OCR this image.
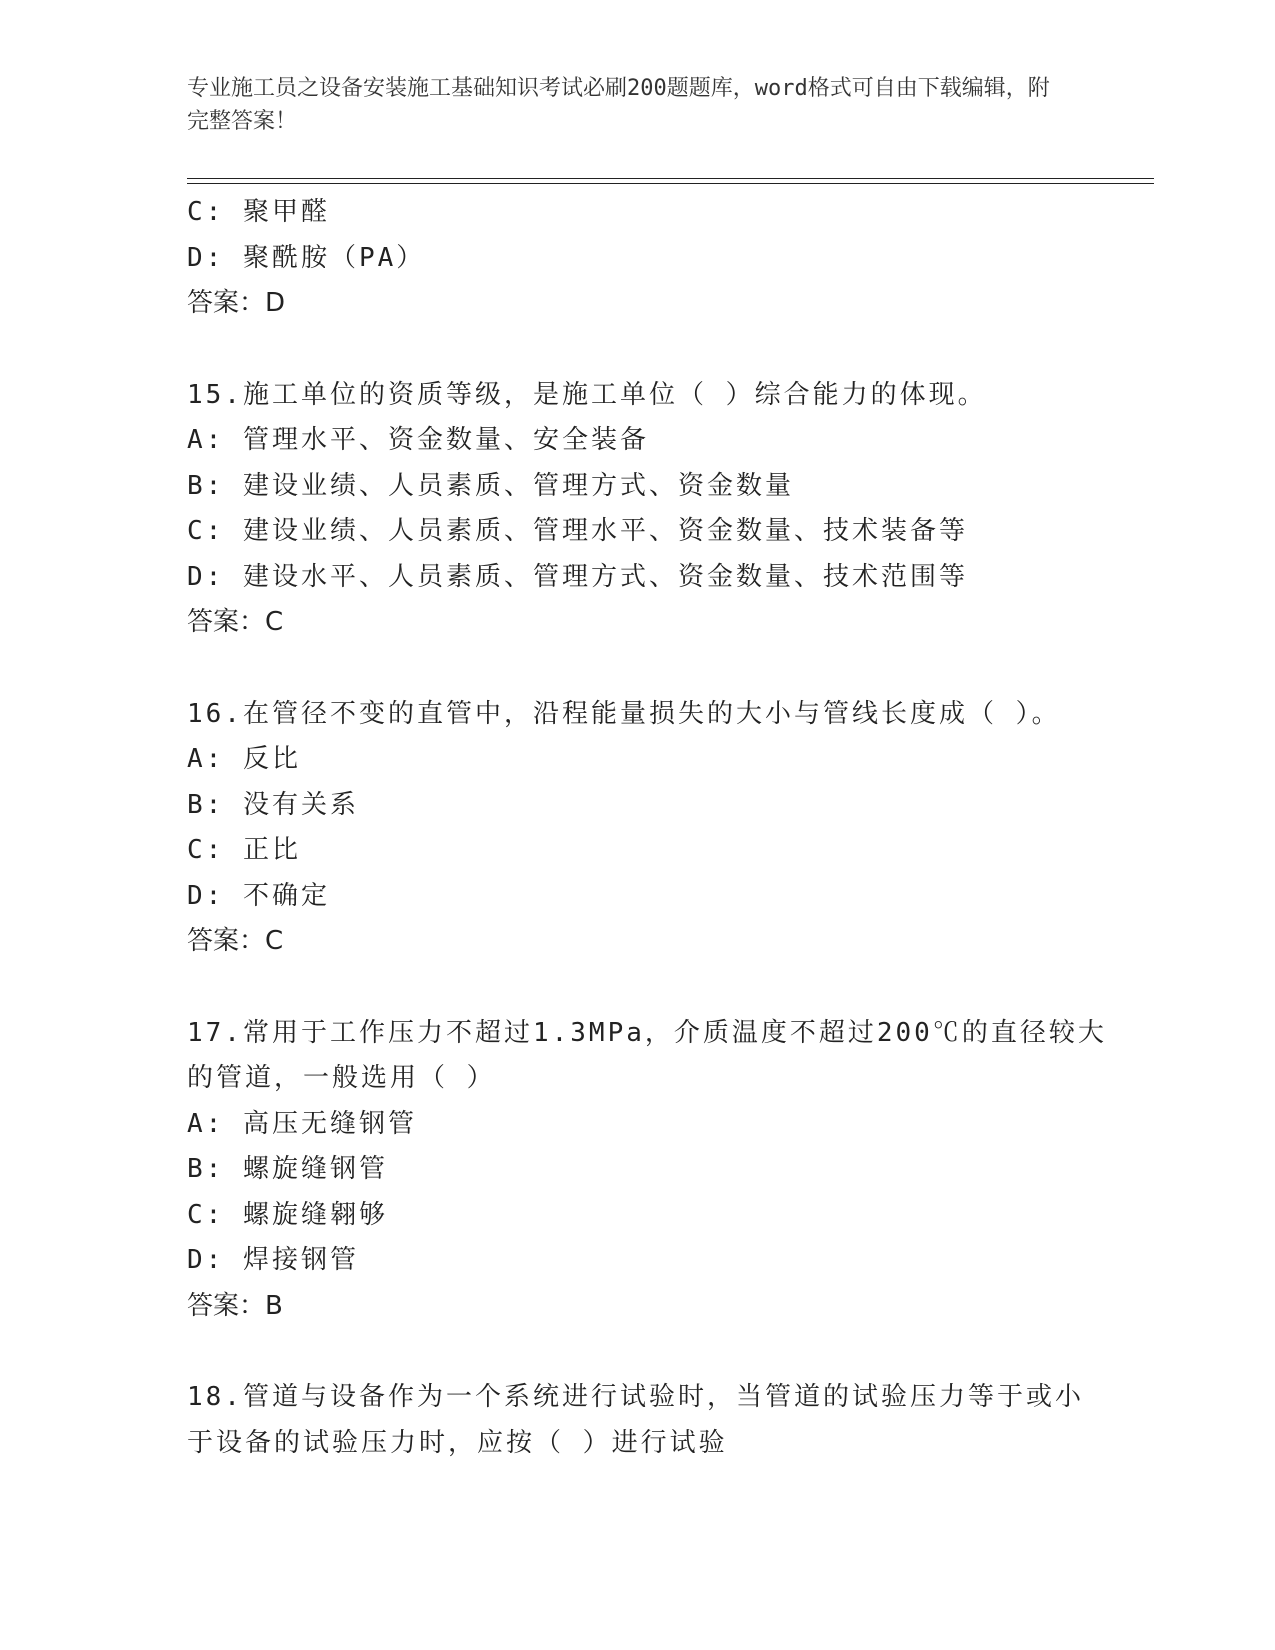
专业施工员之设备安装施工基础知识考试必刷200题题库，word格式可自由下载编辑，附完整答案！
C: 聚甲醛
D: 聚酰胺（PA）
答案：D
15.施工单位的资质等级，是施工单位（ ）综合能力的体现。
A: 管理水平、资金数量、安全装备
B: 建设业绩、人员素质、管理方式、资金数量
C: 建设业绩、人员素质、管理水平、资金数量、技术装备等
D: 建设水平、人员素质、管理方式、资金数量、技术范围等
答案：C
16.在管径不变的直管中，沿程能量损失的大小与管线长度成（ ）。
A: 反比
B: 没有关系
C: 正比
D: 不确定
答案：C
17.常用于工作压力不超过1.3MPa，介质温度不超过200℃的直径较大
的管道，一般选用（ ）
A: 高压无缝钢管
B: 螺旋缝钢管
C: 螺旋缝翱够
D: 焊接钢管
答案：B
18.管道与设备作为一个系统进行试验时，当管道的试验压力等于或小
于设备的试验压力时，应按（ ）进行试验
